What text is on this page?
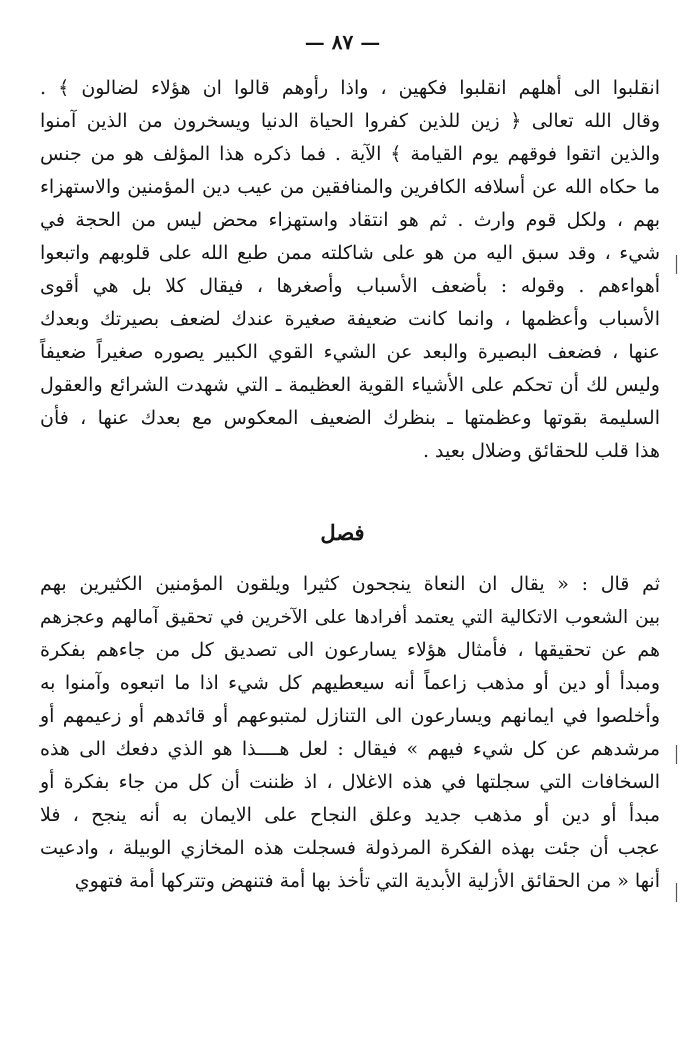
— ٨٧ —
انقلبوا الى أهلهم انقلبوا فكهين ، واذا رأوهم قالوا ان هؤلاء لضالون ﴾ .
وقال الله تعالى ﴿ زين للذين كفروا الحياة الدنيا ويسخرون من الذين آمنوا
والذين اتقوا فوقهم يوم القيامة ﴾ الآية . فما ذكره هذا المؤلف هو من جنس
ما حكاه الله عن أسلافه الكافرين والمنافقين من عيب دين المؤمنين والاستهزاء
بهم ، ولكل قوم وارث . ثم هو انتقاد واستهزاء محض ليس من الحجة في
شيء ، وقد سبق اليه من هو على شاكلته ممن طبع الله على قلوبهم واتبعوا
أهواءهم . وقوله : بأضعف الأسباب وأصغرها ، فيقال كلا بل هي أقوى
الأسباب وأعظمها ، وانما كانت ضعيفة صغيرة عندك لضعف بصيرتك وبعدك
عنها ، فضعف البصيرة والبعد عن الشيء القوي الكبير يصوره صغيراً ضعيفاً
وليس لك أن تحكم على الأشياء القوية العظيمة ـ التي شهدت الشرائع والعقول
السليمة بقوتها وعظمتها ـ بنظرك الضعيف المعكوس مع بعدك عنها ، فأن
هذا قلب للحقائق وضلال بعيد .
فصل
ثم قال : « يقال ان النعاة ينجحون كثيرا ويلقون المؤمنين الكثيرين بهم
بين الشعوب الاتكالية التي يعتمد أفرادها على الآخرين في تحقيق آمالهم وعجزهم
هم عن تحقيقها ، فأمثال هؤلاء يسارعون الى تصديق كل من جاءهم بفكرة
ومبدأ أو دين أو مذهب زاعماً أنه سيعطيهم كل شيء اذا ما اتبعوه وآمنوا به
وأخلصوا في ايمانهم ويسارعون الى التنازل لمتبوعهم أو قائدهم أو زعيمهم أو
مرشدهم عن كل شيء فيهم » فيقال : لعل هــــذا هو الذي دفعك الى هذه
السخافات التي سجلتها في هذه الاغلال ، اذ ظننت أن كل من جاء بفكرة أو
مبدأ أو دين أو مذهب جديد وعلق النجاح على الايمان به أنه ينجح ، فلا
عجب أن جئت بهذه الفكرة المرذولة فسجلت هذه المخازي الوبيلة ، وادعيت
أنها « من الحقائق الأزلية الأبدية التي تأخذ بها أمة فتنهض وتتركها أمة فتهوي
׀
׀
׀
